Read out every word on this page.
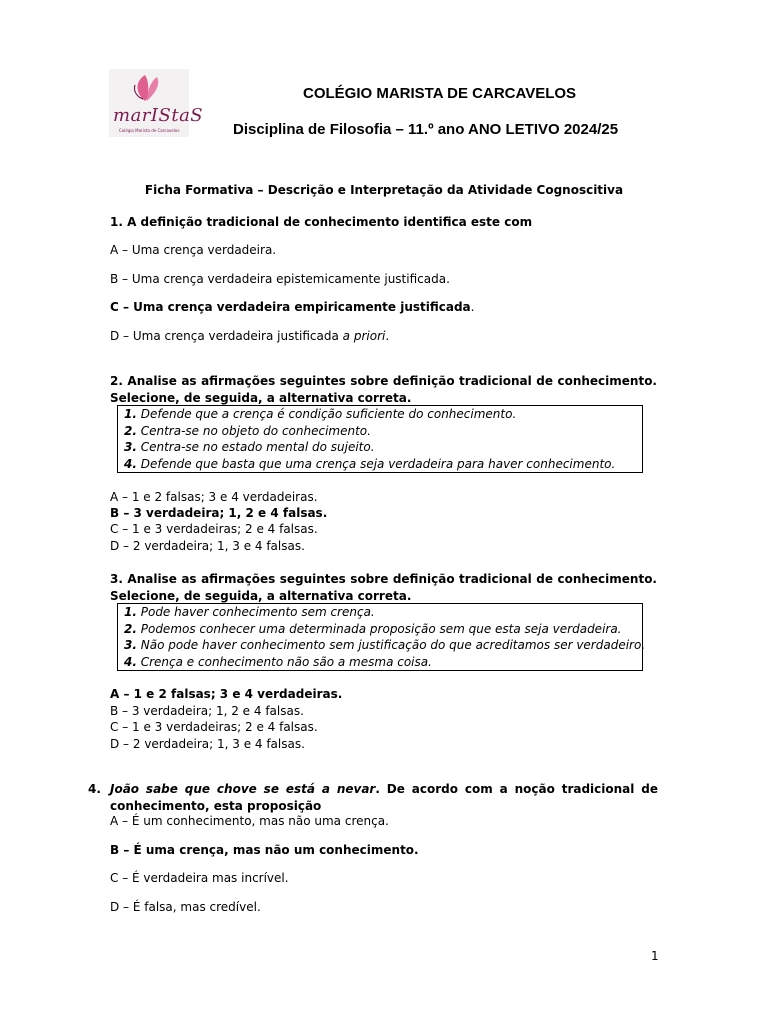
marIStaS
Colégio Marista de Carcavelos
COLÉGIO MARISTA DE CARCAVELOS
Disciplina de Filosofia – 11.º ano ANO LETIVO 2024/25
Ficha Formativa – Descrição e Interpretação da Atividade Cognoscitiva
1. A definição tradicional de conhecimento identifica este com
A – Uma crença verdadeira.
B – Uma crença verdadeira epistemicamente justificada.
C – Uma crença verdadeira empiricamente justificada.
D – Uma crença verdadeira justificada a priori.
2. Analise as afirmações seguintes sobre definição tradicional de conhecimento. Selecione, de seguida, a alternativa correta.
1. Defende que a crença é condição suficiente do conhecimento.
2. Centra-se no objeto do conhecimento.
3. Centra-se no estado mental do sujeito.
4. Defende que basta que uma crença seja verdadeira para haver conhecimento.
A – 1 e 2 falsas; 3 e 4 verdadeiras.
B – 3 verdadeira; 1, 2 e 4 falsas.
C – 1 e 3 verdadeiras; 2 e 4 falsas.
D – 2 verdadeira; 1, 3 e 4 falsas.
3. Analise as afirmações seguintes sobre definição tradicional de conhecimento. Selecione, de seguida, a alternativa correta.
1. Pode haver conhecimento sem crença.
2. Podemos conhecer uma determinada proposição sem que esta seja verdadeira.
3. Não pode haver conhecimento sem justificação do que acreditamos ser verdadeiro.
4. Crença e conhecimento não são a mesma coisa.
A – 1 e 2 falsas; 3 e 4 verdadeiras.
B – 3 verdadeira; 1, 2 e 4 falsas.
C – 1 e 3 verdadeiras; 2 e 4 falsas.
D – 2 verdadeira; 1, 3 e 4 falsas.
4. João sabe que chove se está a nevar. De acordo com a noção tradicional de conhecimento, esta proposição
A – É um conhecimento, mas não uma crença.
B – É uma crença, mas não um conhecimento.
C – É verdadeira mas incrível.
D – É falsa, mas credível.
1
